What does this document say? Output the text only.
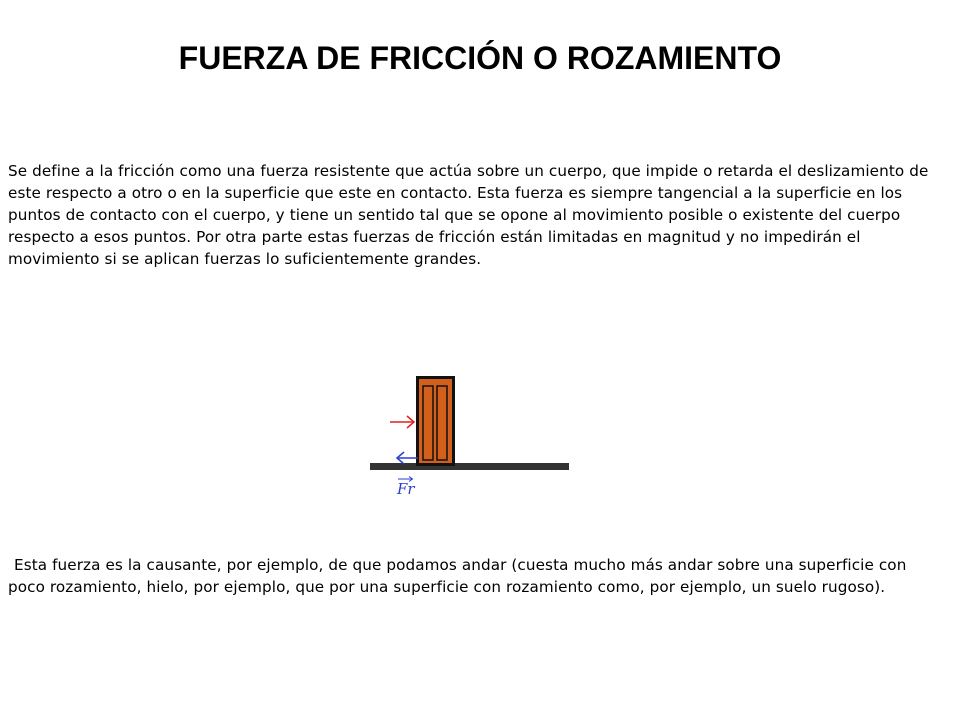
FUERZA DE FRICCIÓN O ROZAMIENTO

Se define a la fricción como una fuerza resistente que actúa sobre un cuerpo, que impide o retarda el deslizamiento de este respecto a otro o en la superficie que este en contacto. Esta fuerza es siempre tangencial a la superficie en los puntos de contacto con el cuerpo, y tiene un sentido tal que se opone al movimiento posible o existente del cuerpo respecto a esos puntos. Por otra parte estas fuerzas de fricción están limitadas en magnitud y no impedirán el movimiento si se aplican fuerzas lo suficientemente grandes.

Fr

Esta fuerza es la causante, por ejemplo, de que podamos andar (cuesta mucho más andar sobre una superficie con poco rozamiento, hielo, por ejemplo, que por una superficie con rozamiento como, por ejemplo, un suelo rugoso).
